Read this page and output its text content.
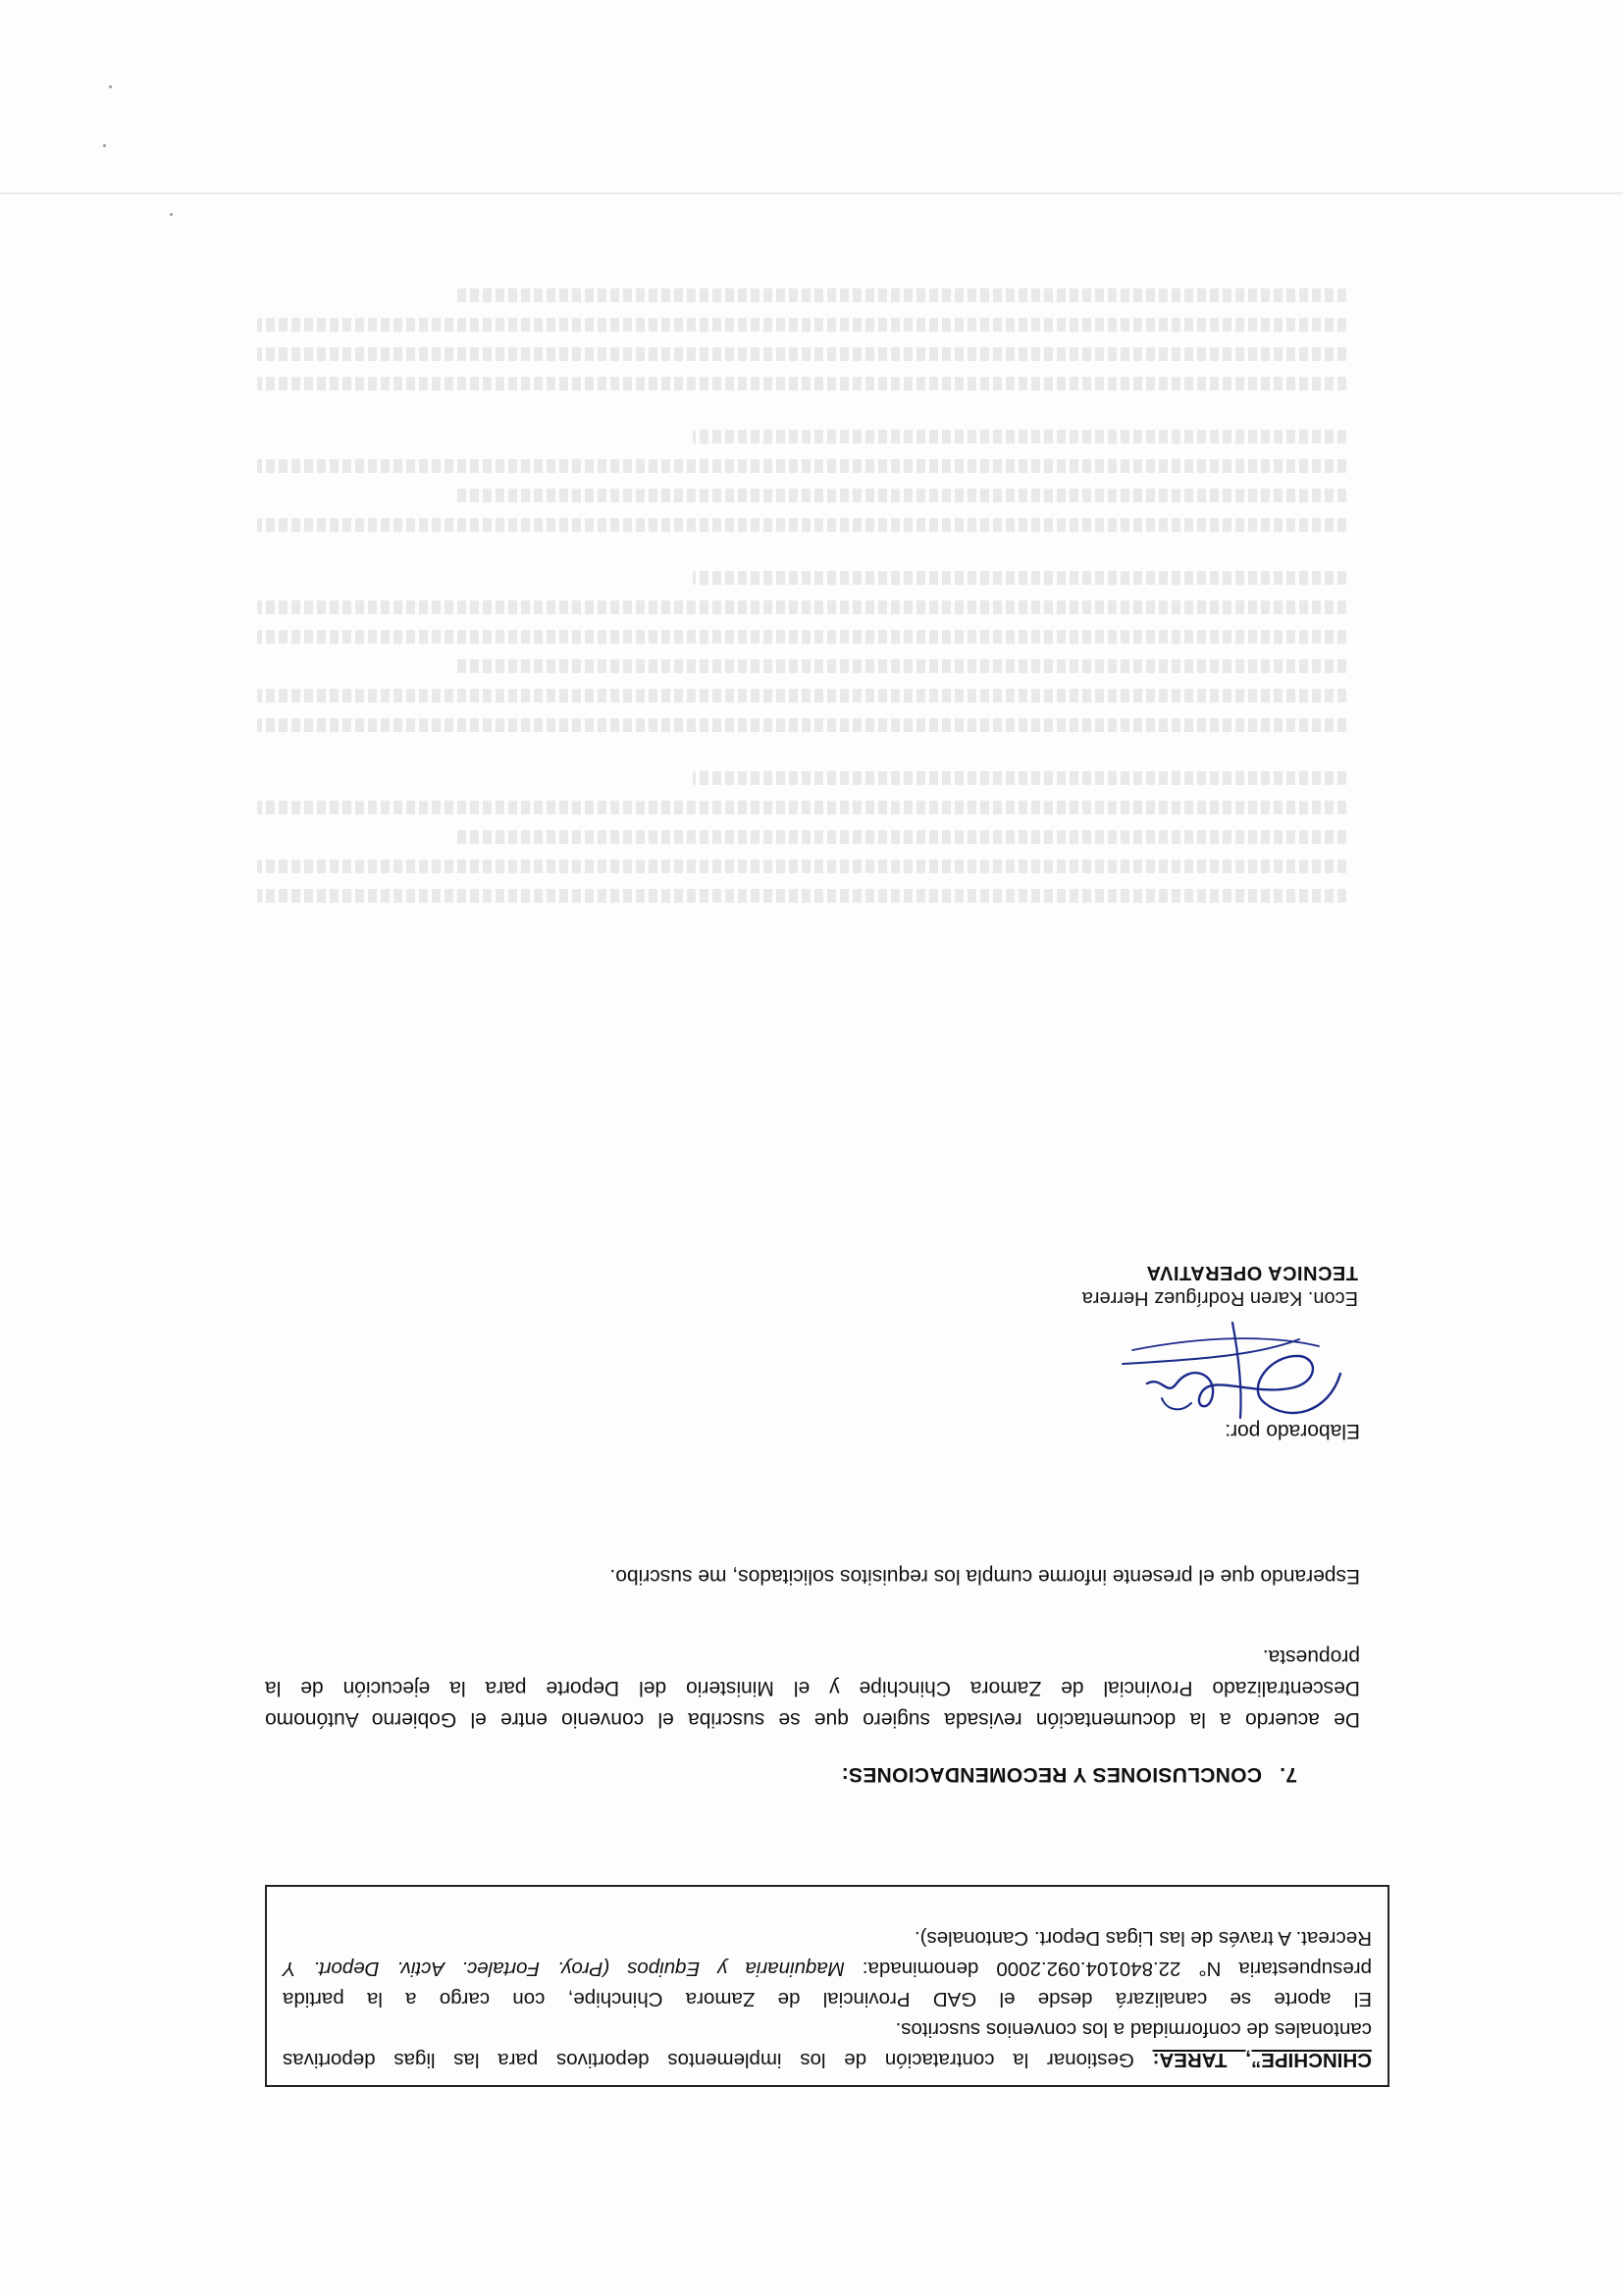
CHINCHIPE”, TAREA: Gestionar la contratación de los implementos deportivos para las ligas deportivas
cantonales de conformidad a los convenios suscritos.
El aporte se canalizará desde el GAD Provincial de Zamora Chinchipe, con cargo a la partida
presupuestaria N° 22.840104.092.2000 denominada: Maquinaria y Equipos (Proy. Fortalec. Activ. Deport. Y
Recreat. A través de las Ligas Deport. Cantonales).
7.CONCLUSIONES Y RECOMENDACIONES:
De acuerdo a la documentación revisada sugiero que se suscriba el convenio entre el Gobierno Autónomo
Descentralizado Provincial de Zamora Chinchipe y el Ministerio del Deporte para la ejecución de la
propuesta.
Esperando que el presente informe cumpla los requisitos solicitados, me suscribo.
Elaborado por:
Econ. Karen Rodríguez Herrera
TECNICA OPERATIVA
